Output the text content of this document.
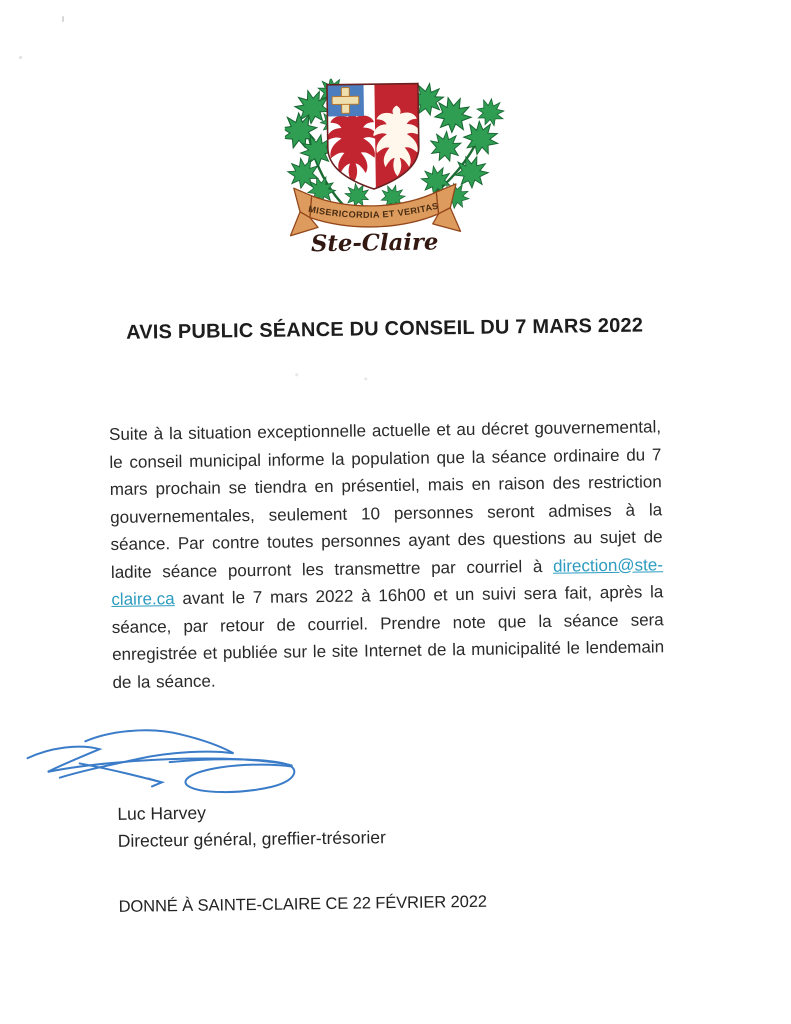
MISERICORDIA ET VERITAS
Ste-Claire
AVIS PUBLIC SÉANCE DU CONSEIL DU 7 MARS 2022

Suite à la situation exceptionnelle actuelle et au décret gouvernemental, le conseil municipal informe la population que la séance ordinaire du 7 mars prochain se tiendra en présentiel, mais en raison des restriction gouvernementales, seulement 10 personnes seront admises à la séance. Par contre toutes personnes ayant des questions au sujet de ladite séance pourront les transmettre par courriel à direction@ste-claire.ca avant le 7 mars 2022 à 16h00 et un suivi sera fait, après la séance, par retour de courriel. Prendre note que la séance sera enregistrée et publiée sur le site Internet de la municipalité le lendemain de la séance.

Luc Harvey
Directeur général, greffier-trésorier
DONNÉ À SAINTE-CLAIRE CE 22 FÉVRIER 2022
